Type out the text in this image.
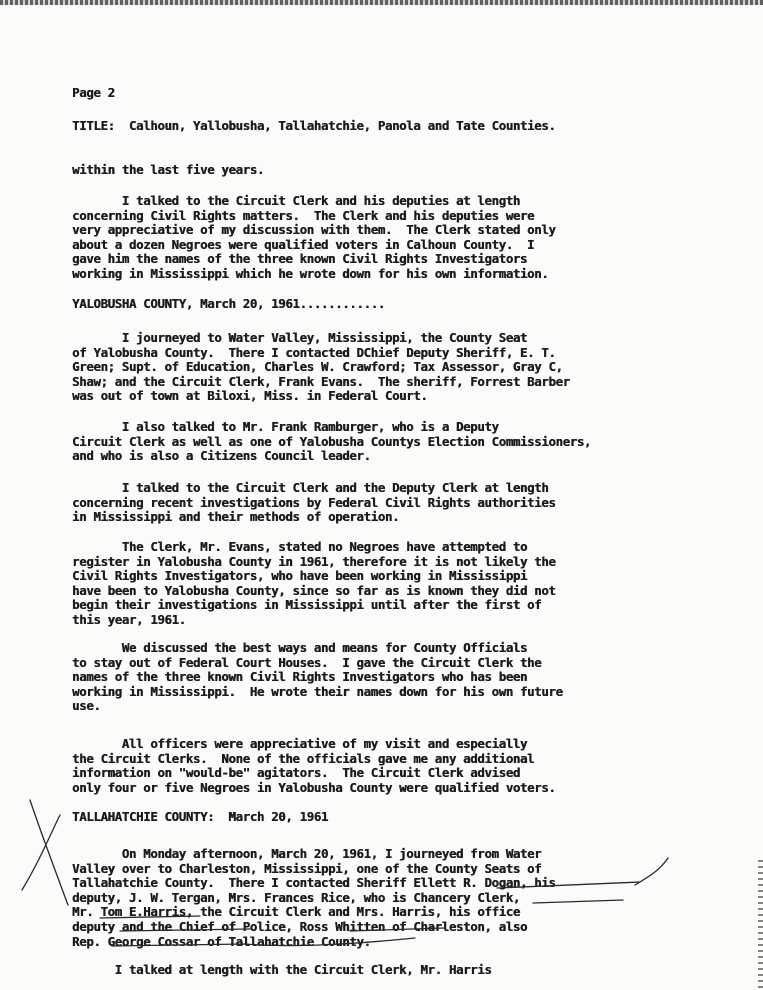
Page 2

TITLE:  Calhoun, Yallobusha, Tallahatchie, Panola and Tate Counties.

within the last five years.

I talked to the Circuit Clerk and his deputies at length

concerning Civil Rights matters.  The Clerk and his deputies were

very appreciative of my discussion with them.  The Clerk stated only

about a dozen Negroes were qualified voters in Calhoun County.  I

gave him the names of the three known Civil Rights Investigators

working in Mississippi which he wrote down for his own information.

YALOBUSHA COUNTY, March 20, 1961............

I journeyed to Water Valley, Mississippi, the County Seat

of Yalobusha County.  There I contacted DChief Deputy Sheriff, E. T.

Green; Supt. of Education, Charles W. Crawford; Tax Assessor, Gray C,

Shaw; and the Circuit Clerk, Frank Evans.  The sheriff, Forrest Barber

was out of town at Biloxi, Miss. in Federal Court.

I also talked to Mr. Frank Ramburger, who is a Deputy

Circuit Clerk as well as one of Yalobusha Countys Election Commissioners,

and who is also a Citizens Council leader.

I talked to the Circuit Clerk and the Deputy Clerk at length

concerning recent investigations by Federal Civil Rights authorities

in Mississippi and their methods of operation.

The Clerk, Mr. Evans, stated no Negroes have attempted to

register in Yalobusha County in 1961, therefore it is not likely the

Civil Rights Investigators, who have been working in Mississippi

have been to Yalobusha County, since so far as is known they did not

begin their investigations in Mississippi until after the first of

this year, 1961.

We discussed the best ways and means for County Officials

to stay out of Federal Court Houses.  I gave the Circuit Clerk the

names of the three known Civil Rights Investigators who has been

working in Mississippi.  He wrote their names down for his own future

use.

All officers were appreciative of my visit and especially

the Circuit Clerks.  None of the officials gave me any additional

information on "would-be" agitators.  The Circuit Clerk advised

only four or five Negroes in Yalobusha County were qualified voters.

TALLAHATCHIE COUNTY:  March 20, 1961

On Monday afternoon, March 20, 1961, I journeyed from Water

Valley over to Charleston, Mississippi, one of the County Seats of

Tallahatchie County.  There I contacted Sheriff Ellett R. Dogan, his

deputy, J. W. Tergan, Mrs. Frances Rice, who is Chancery Clerk,

Mr. Tom E.Harris, the Circuit Clerk and Mrs. Harris, his office

deputy and the Chief of Police, Ross Whitten of Charleston, also

Rep. George Cossar of Tallahatchie County.

I talked at length with the Circuit Clerk, Mr. Harris
